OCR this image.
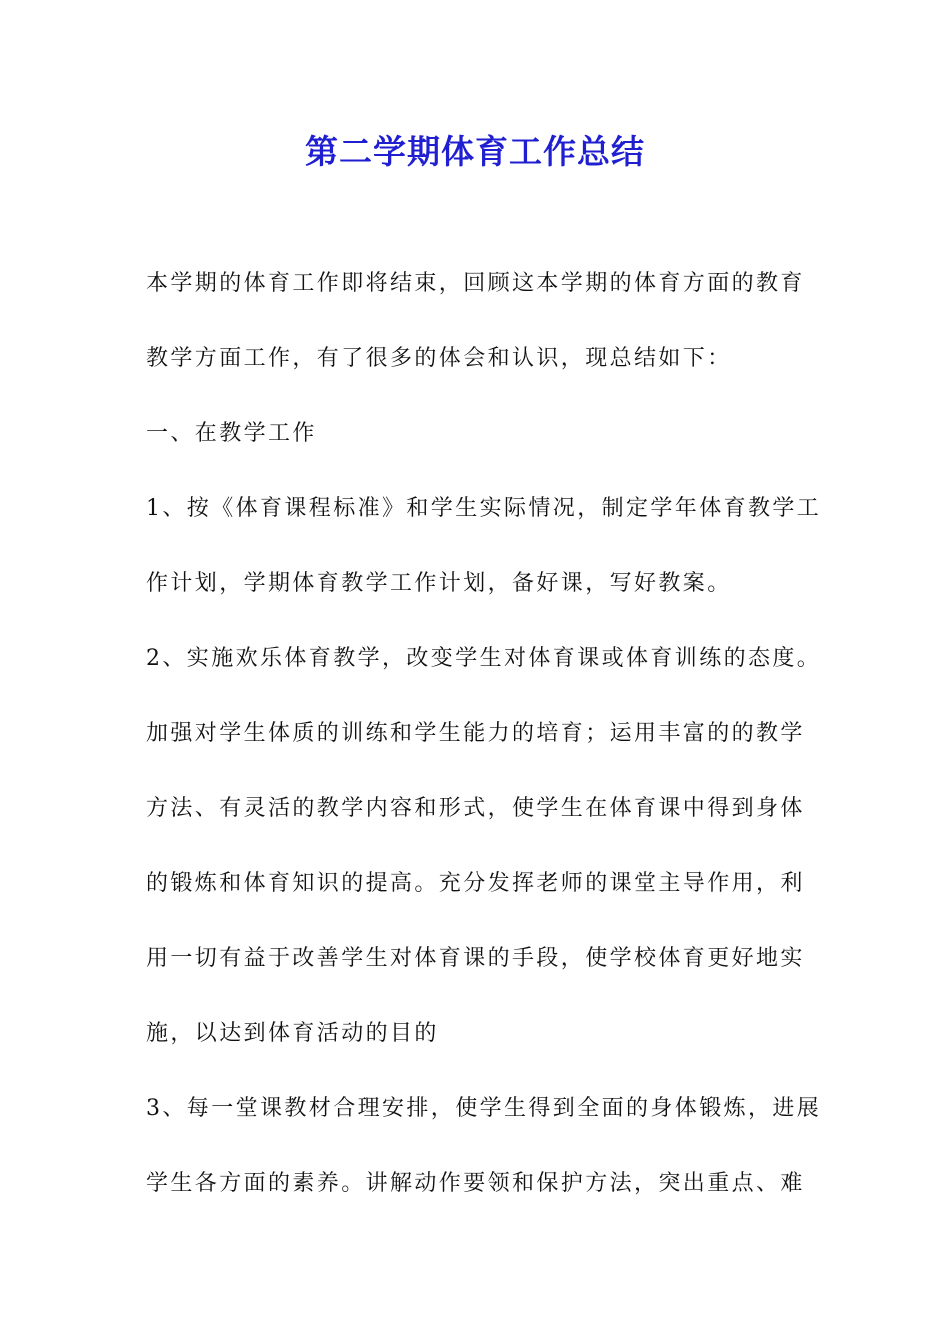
第二学期体育工作总结

本学期的体育工作即将结束，回顾这本学期的体育方面的教育

教学方面工作，有了很多的体会和认识，现总结如下：

一、在教学工作

1、按《体育课程标准》和学生实际情况，制定学年体育教学工

作计划，学期体育教学工作计划，备好课，写好教案。

2、实施欢乐体育教学，改变学生对体育课或体育训练的态度。

加强对学生体质的训练和学生能力的培育；运用丰富的的教学

方法、有灵活的教学内容和形式，使学生在体育课中得到身体

的锻炼和体育知识的提高。充分发挥老师的课堂主导作用，利

用一切有益于改善学生对体育课的手段，使学校体育更好地实

施，以达到体育活动的目的

3、每一堂课教材合理安排，使学生得到全面的身体锻炼，进展

学生各方面的素养。讲解动作要领和保护方法，突出重点、难
